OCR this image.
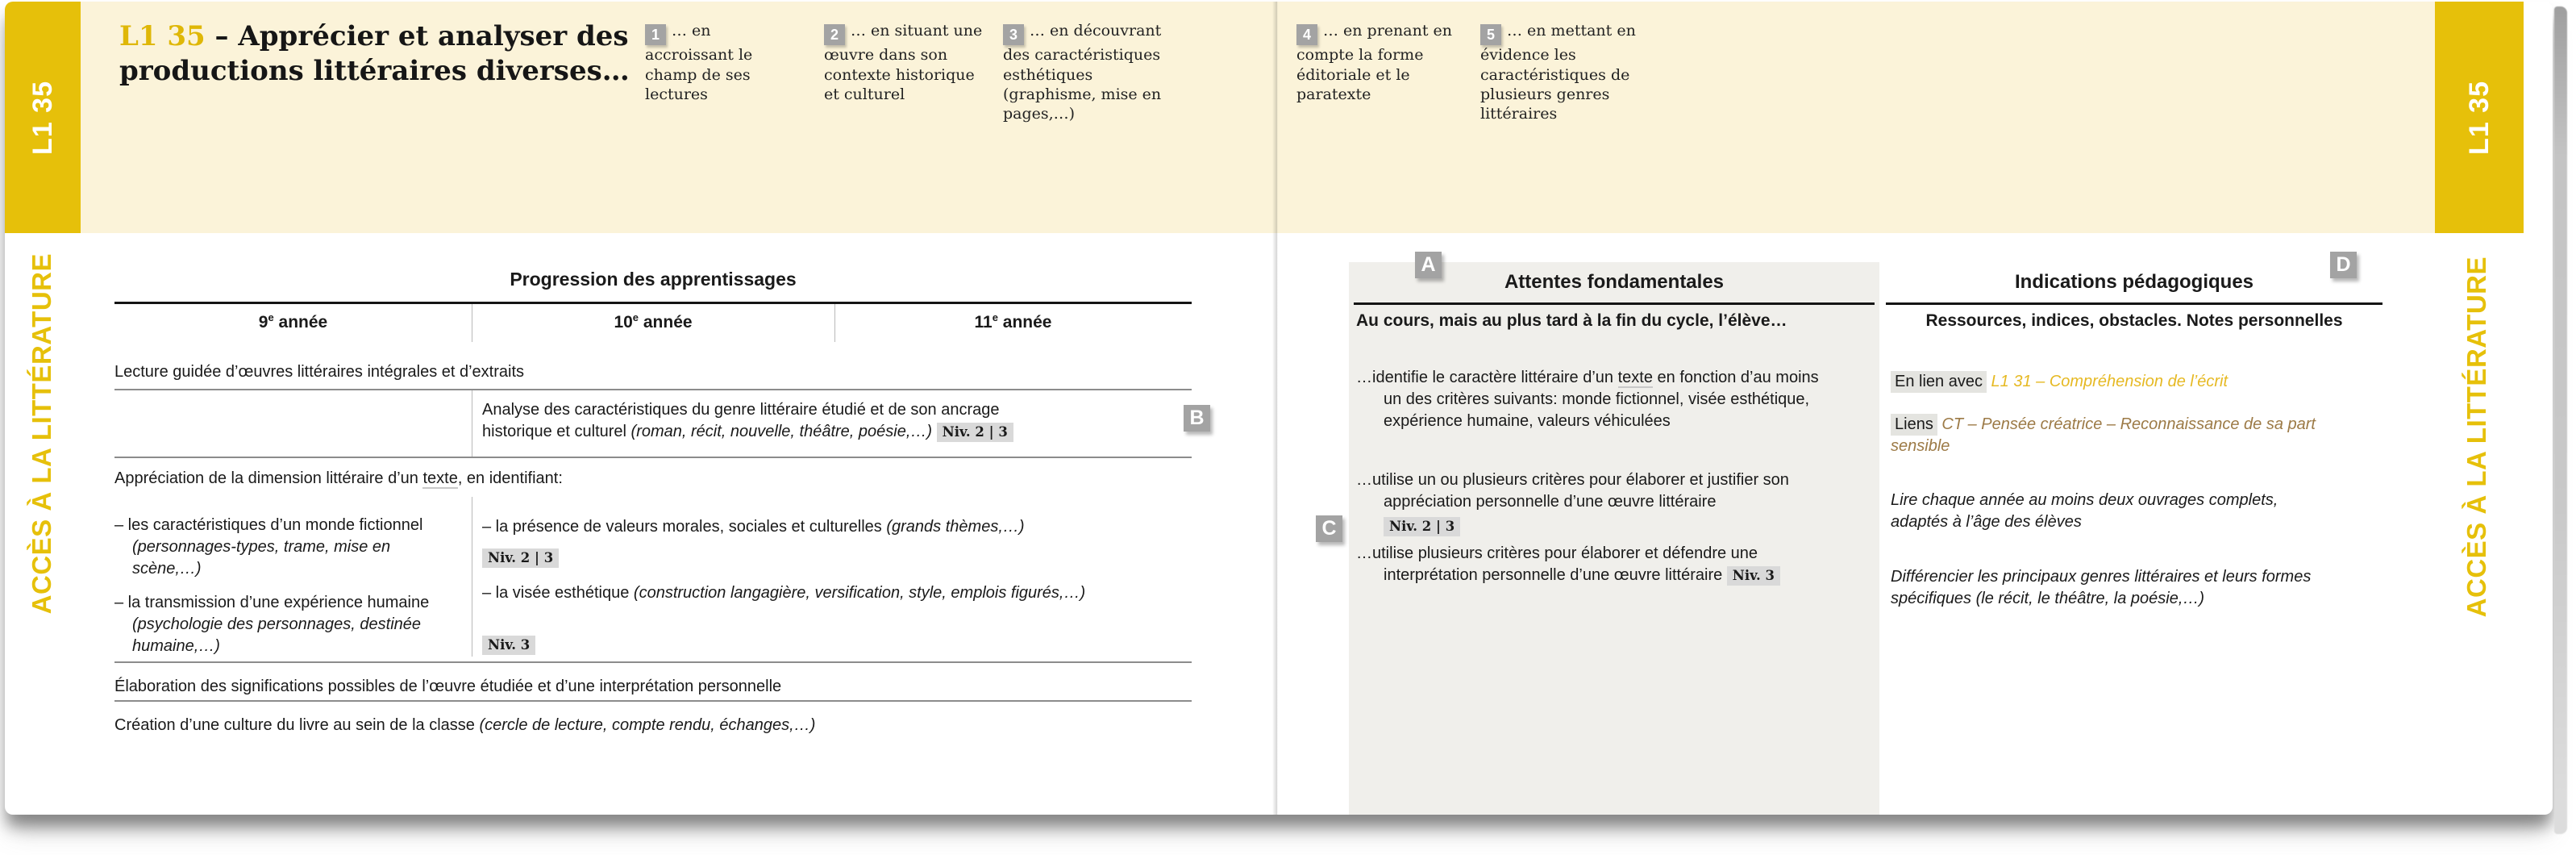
L1 35	L1 35
L1 35 – Apprécier et analyser des productions littéraires diverses…
1 … en accroissant le champ de ses lectures
2 … en situant une œuvre dans son contexte historique et culturel
3 … en découvrant des caractéristiques esthétiques (graphisme, mise en pages,…)
4 … en prenant en compte la forme éditoriale et le paratexte
5 … en mettant en évidence les caractéristiques de plusieurs genres littéraires
ACCÈS À LA LITTÉRATURE	ACCÈS À LA LITTÉRATURE
Progression des apprentissages
9e année	10e année	11e année
Lecture guidée d’œuvres littéraires intégrales et d’extraits
Analyse des caractéristiques du genre littéraire étudié et de son ancrage historique et culturel (roman, récit, nouvelle, théâtre, poésie,…) Niv. 2 | 3
B
Appréciation de la dimension littéraire d’un texte, en identifiant:
– les caractéristiques d’un monde fictionnel (personnages-types, trame, mise en scène,…)
– la transmission d’une expérience humaine (psychologie des personnages, destinée humaine,…)
– la présence de valeurs morales, sociales et culturelles (grands thèmes,…)
Niv. 2 | 3
– la visée esthétique (construction langagière, versification, style, emplois figurés,…)
Niv. 3
Élaboration des significations possibles de l’œuvre étudiée et d’une interprétation personnelle
Création d’une culture du livre au sein de la classe (cercle de lecture, compte rendu, échanges,…)
A
Attentes fondamentales
Au cours, mais au plus tard à la fin du cycle, l’élève…
…identifie le caractère littéraire d’un texte en fonction d’au moins un des critères suivants: monde fictionnel, visée esthétique, expérience humaine, valeurs véhiculées
…utilise un ou plusieurs critères pour élaborer et justifier son appréciation personnelle d’une œuvre littéraire
Niv. 2 | 3
C
…utilise plusieurs critères pour élaborer et défendre une interprétation personnelle d’une œuvre littéraire Niv. 3
D
Indications pédagogiques
Ressources, indices, obstacles. Notes personnelles
En lien avec L1 31 – Compréhension de l’écrit
Liens CT – Pensée créatrice – Reconnaissance de sa part sensible
Lire chaque année au moins deux ouvrages complets, adaptés à l’âge des élèves
Différencier les principaux genres littéraires et leurs formes spécifiques (le récit, le théâtre, la poésie,…)
